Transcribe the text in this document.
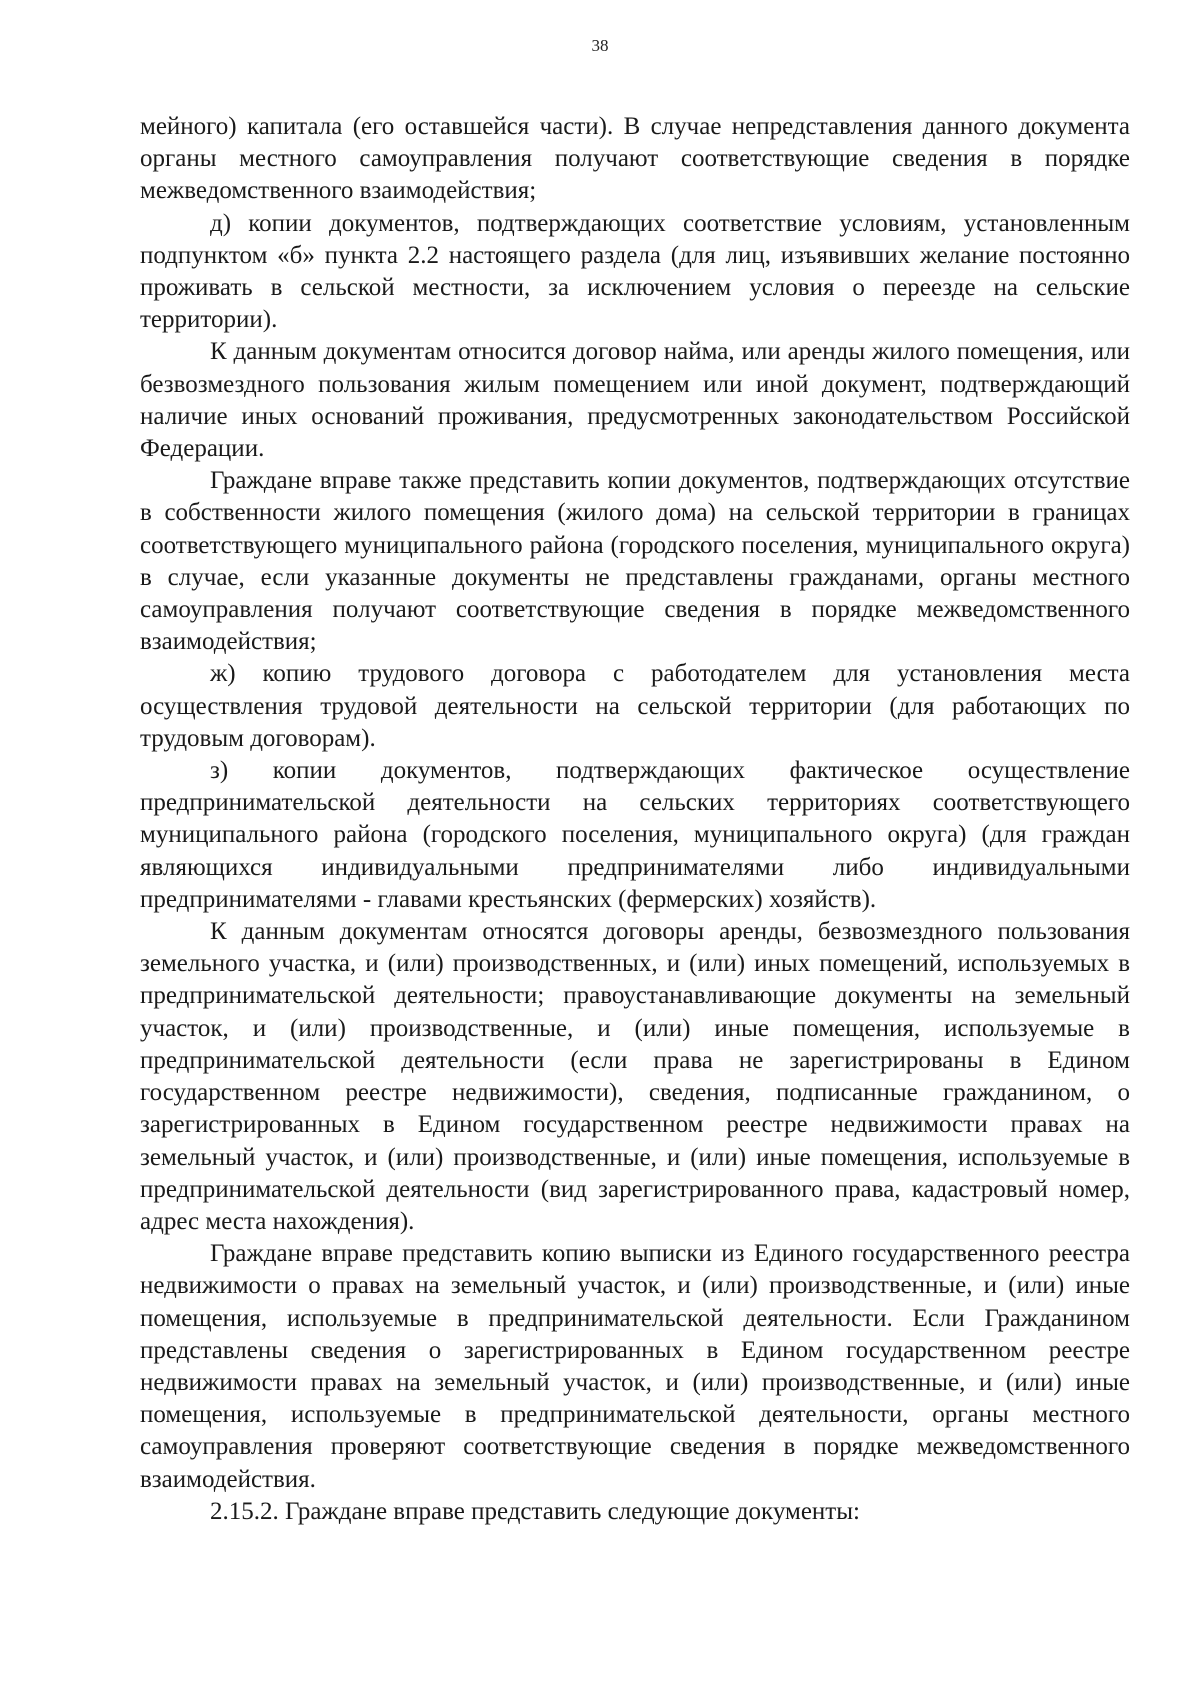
38

мейного) капитала (его оставшейся части). В случае непредставления данного документа органы местного самоуправления получают соответствующие сведения в порядке межведомственного взаимодействия;

д) копии документов, подтверждающих соответствие условиям, установленным подпунктом «б» пункта 2.2 настоящего раздела (для лиц, изъявивших желание постоянно проживать в сельской местности, за исключением условия о переезде на сельские территории).

К данным документам относится договор найма, или аренды жилого помещения, или безвозмездного пользования жилым помещением или иной документ, подтверждающий наличие иных оснований проживания, предусмотренных законодательством Российской Федерации.

Граждане вправе также представить копии документов, подтверждающих отсутствие в собственности жилого помещения (жилого дома) на сельской территории в границах соответствующего муниципального района (городского поселения, муниципального округа) в случае, если указанные документы не представлены гражданами, органы местного самоуправления получают соответствующие сведения в порядке межведомственного взаимодействия;

ж) копию трудового договора с работодателем для установления места осуществления трудовой деятельности на сельской территории (для работающих по трудовым договорам).

з) копии документов, подтверждающих фактическое осуществление предпринимательской деятельности на сельских территориях соответствующего муниципального района (городского поселения, муниципального округа) (для граждан являющихся индивидуальными предпринимателями либо индивидуальными предпринимателями - главами крестьянских (фермерских) хозяйств).

К данным документам относятся договоры аренды, безвозмездного пользования земельного участка, и (или) производственных, и (или) иных помещений, используемых в предпринимательской деятельности; правоустанавливающие документы на земельный участок, и (или) производственные, и (или) иные помещения, используемые в предпринимательской деятельности (если права не зарегистрированы в Едином государственном реестре недвижимости), сведения, подписанные гражданином, о зарегистрированных в Едином государственном реестре недвижимости правах на земельный участок, и (или) производственные, и (или) иные помещения, используемые в предпринимательской деятельности (вид зарегистрированного права, кадастровый номер, адрес места нахождения).

Граждане вправе представить копию выписки из Единого государственного реестра недвижимости о правах на земельный участок, и (или) производственные, и (или) иные помещения, используемые в предпринимательской деятельности. Если Гражданином представлены сведения о зарегистрированных в Едином государственном реестре недвижимости правах на земельный участок, и (или) производственные, и (или) иные помещения, используемые в предпринимательской деятельности, органы местного самоуправления проверяют соответствующие сведения в порядке межведомственного взаимодействия.

2.15.2. Граждане вправе представить следующие документы:
